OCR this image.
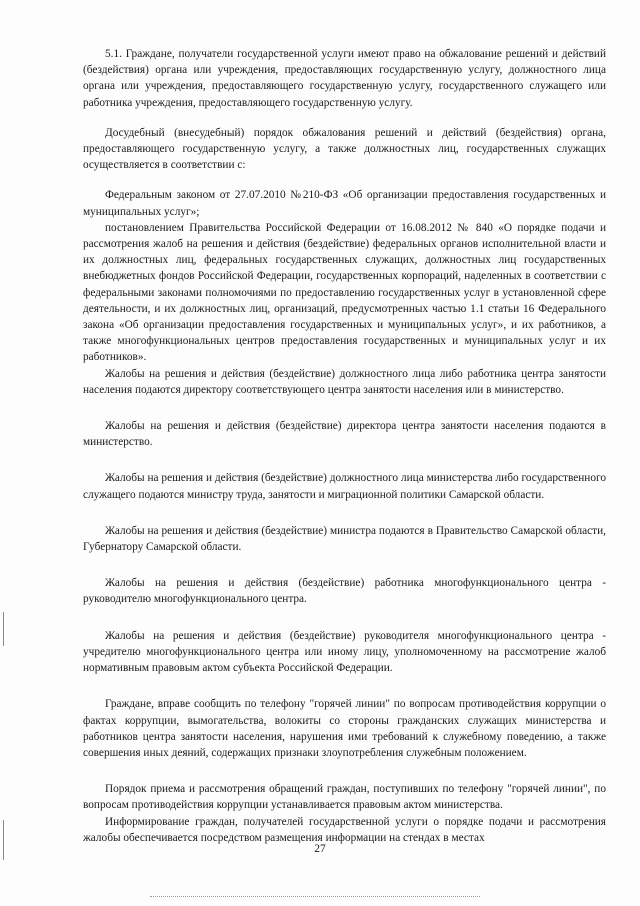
5.1. Граждане, получатели государственной услуги имеют право на обжалование решений и действий (бездействия) органа или учреждения, предоставляющих государственную услугу, должностного лица органа или учреждения, предоставляющего государственную услугу, государственного служащего или работника учреждения, предоставляющего государственную услугу.

Досудебный (внесудебный) порядок обжалования решений и действий (бездействия) органа, предоставляющего государственную услугу, а также должностных лиц, государственных служащих осуществляется в соответствии с:

Федеральным законом от 27.07.2010 №210-ФЗ «Об организации предоставления государственных и муниципальных услуг»;

постановлением Правительства Российской Федерации от 16.08.2012 № 840 «О порядке подачи и рассмотрения жалоб на решения и действия (бездействие) федеральных органов исполнительной власти и их должностных лиц, федеральных государственных служащих, должностных лиц государственных внебюджетных фондов Российской Федерации, государственных корпораций, наделенных в соответствии с федеральными законами полномочиями по предоставлению государственных услуг в установленной сфере деятельности, и их должностных лиц, организаций, предусмотренных частью 1.1 статьи 16 Федерального закона «Об организации предоставления государственных и муниципальных услуг», и их работников, а также многофункциональных центров предоставления государственных и муниципальных услуг и их работников».

Жалобы на решения и действия (бездействие) должностного лица либо работника центра занятости населения подаются директору соответствующего центра занятости населения или в министерство.

Жалобы на решения и действия (бездействие) директора центра занятости населения подаются в министерство.

Жалобы на решения и действия (бездействие) должностного лица министерства либо государственного служащего подаются министру труда, занятости и миграционной политики Самарской области.

Жалобы на решения и действия (бездействие) министра подаются в Правительство Самарской области, Губернатору Самарской области.

Жалобы на решения и действия (бездействие) работника многофункционального центра - руководителю многофункционального центра.

Жалобы на решения и действия (бездействие) руководителя многофункционального центра - учредителю многофункционального центра или иному лицу, уполномоченному на рассмотрение жалоб нормативным правовым актом субъекта Российской Федерации.

Граждане, вправе сообщить по телефону "горячей линии" по вопросам противодействия коррупции о фактах коррупции, вымогательства, волокиты со стороны гражданских служащих министерства и работников центра занятости населения, нарушения ими требований к служебному поведению, а также совершения иных деяний, содержащих признаки злоупотребления служебным положением.

Порядок приема и рассмотрения обращений граждан, поступивших по телефону "горячей линии", по вопросам противодействия коррупции устанавливается правовым актом министерства.

Информирование граждан, получателей государственной услуги о порядке подачи и рассмотрения жалобы обеспечивается посредством размещения информации на стендах в местах

27
